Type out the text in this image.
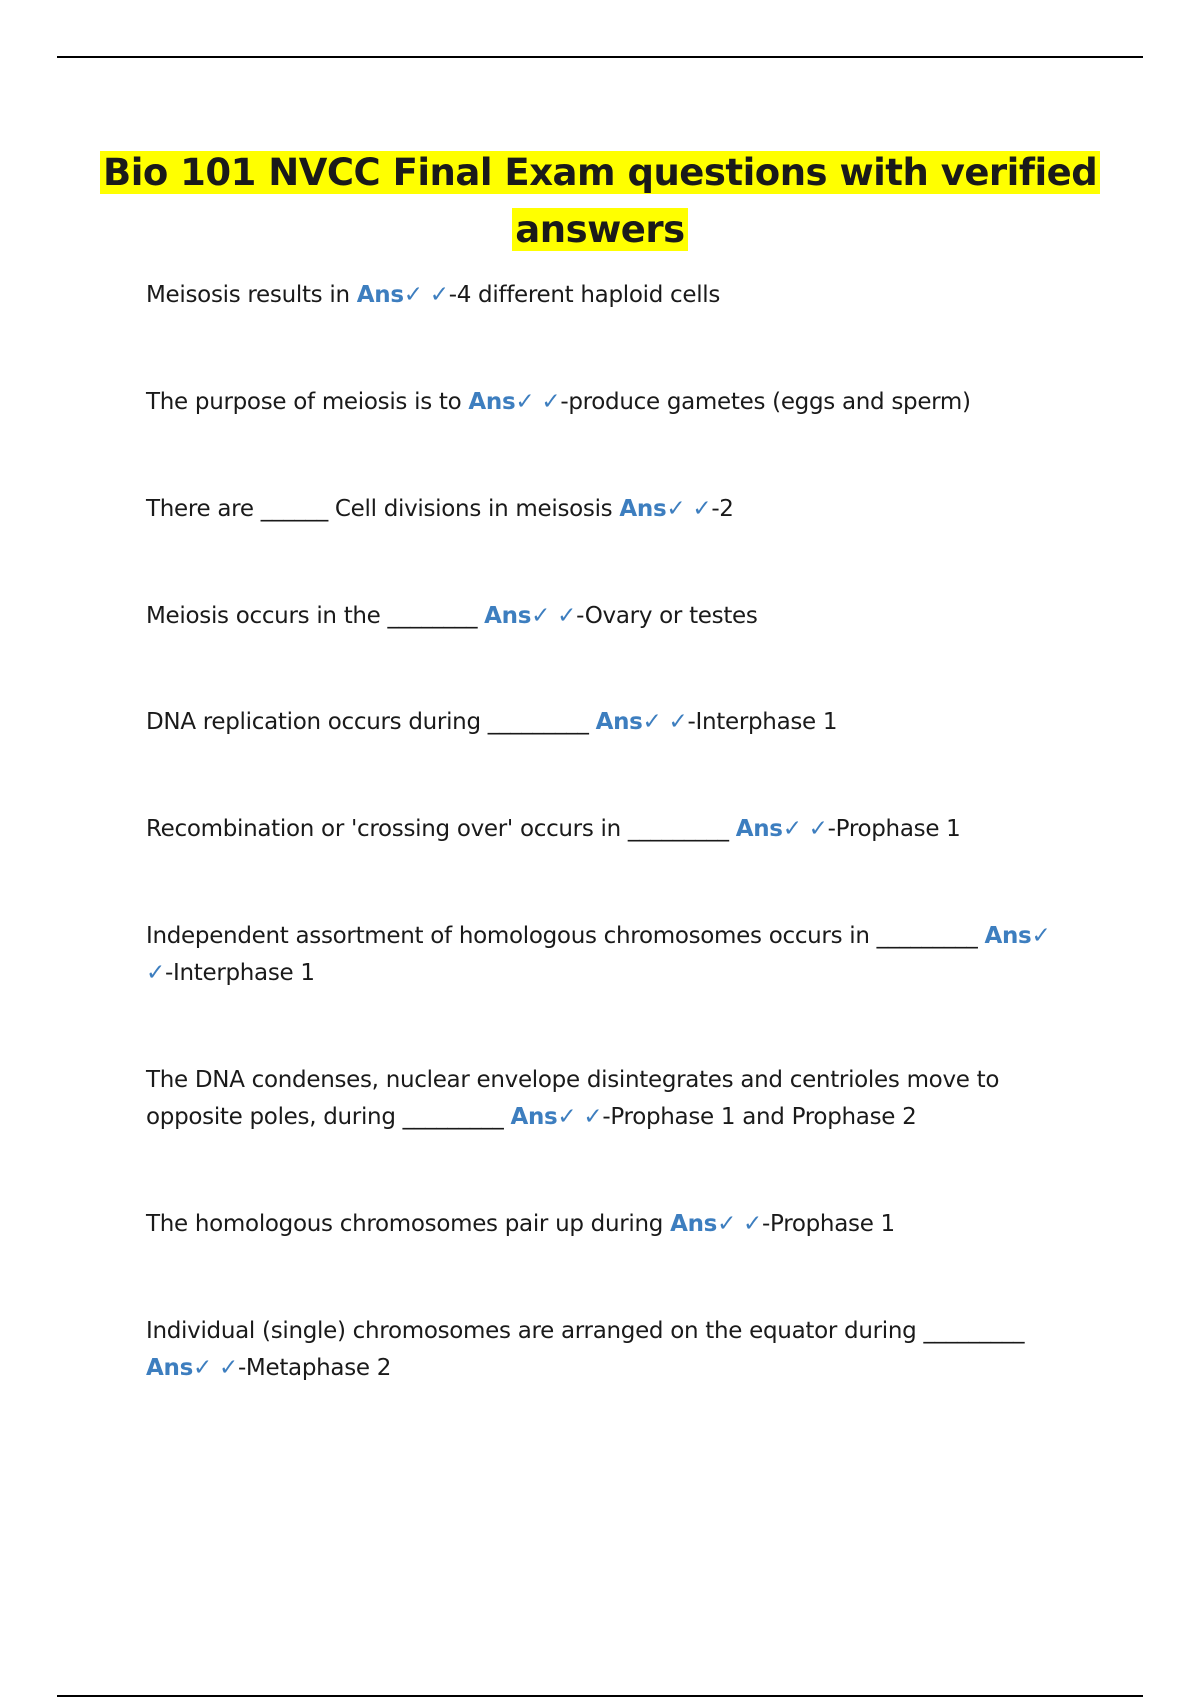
Bio 101 NVCC Final Exam questions with verified answers

Meisosis results in Ans✓ ✓-4 different haploid cells

The purpose of meiosis is to Ans✓ ✓-produce gametes (eggs and sperm)

There are ______ Cell divisions in meisosis Ans✓ ✓-2

Meiosis occurs in the ________ Ans✓ ✓-Ovary or testes

DNA replication occurs during _________ Ans✓ ✓-Interphase 1

Recombination or 'crossing over' occurs in _________ Ans✓ ✓-Prophase 1

Independent assortment of homologous chromosomes occurs in _________ Ans✓ ✓-Interphase 1

The DNA condenses, nuclear envelope disintegrates and centrioles move to opposite poles, during _________ Ans✓ ✓-Prophase 1 and Prophase 2

The homologous chromosomes pair up during Ans✓ ✓-Prophase 1

Individual (single) chromosomes are arranged on the equator during _________ Ans✓ ✓-Metaphase 2
